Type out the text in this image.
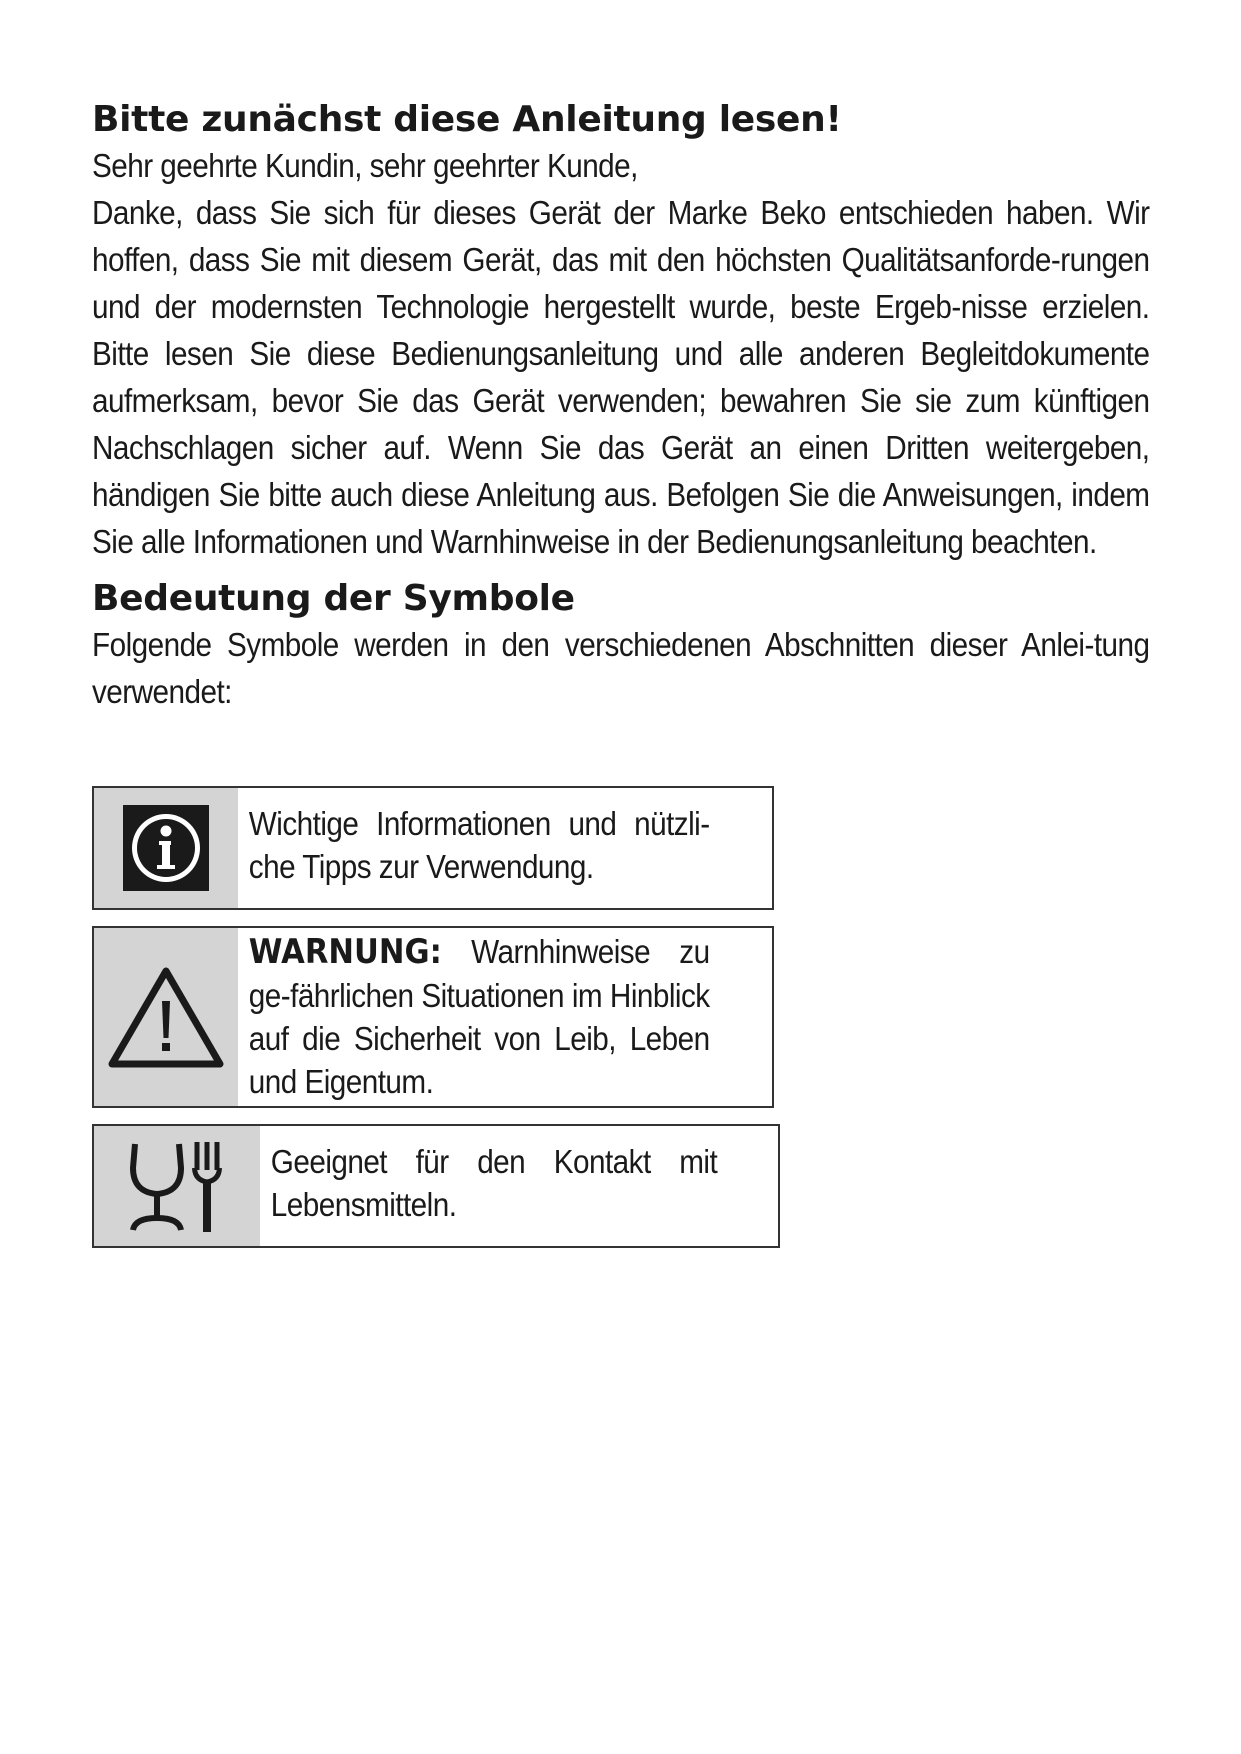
Bitte zunächst diese Anleitung lesen!

Sehr geehrte Kundin, sehr geehrter Kunde,

Danke, dass Sie sich für dieses Gerät der Marke Beko entschieden haben. Wir hoffen, dass Sie mit diesem Gerät, das mit den höchsten Qualitätsanforde-rungen und der modernsten Technologie hergestellt wurde, beste Ergeb-nisse erzielen. Bitte lesen Sie diese Bedienungsanleitung und alle anderen Begleitdokumente aufmerksam, bevor Sie das Gerät verwenden; bewahren Sie sie zum künftigen Nachschlagen sicher auf. Wenn Sie das Gerät an einen Dritten weitergeben, händigen Sie bitte auch diese Anleitung aus. Befolgen Sie die Anweisungen, indem Sie alle Informationen und Warnhinweise in der Bedienungsanleitung beachten.

Bedeutung der Symbole

Folgende Symbole werden in den verschiedenen Abschnitten dieser Anlei-tung verwendet:

Wichtige Informationen und nützli-che Tipps zur Verwendung.
WARNUNG: Warnhinweise zu ge-fährlichen Situationen im Hinblick auf die Sicherheit von Leib, Leben und Eigentum.
Geeignet für den Kontakt mit Lebensmitteln.
